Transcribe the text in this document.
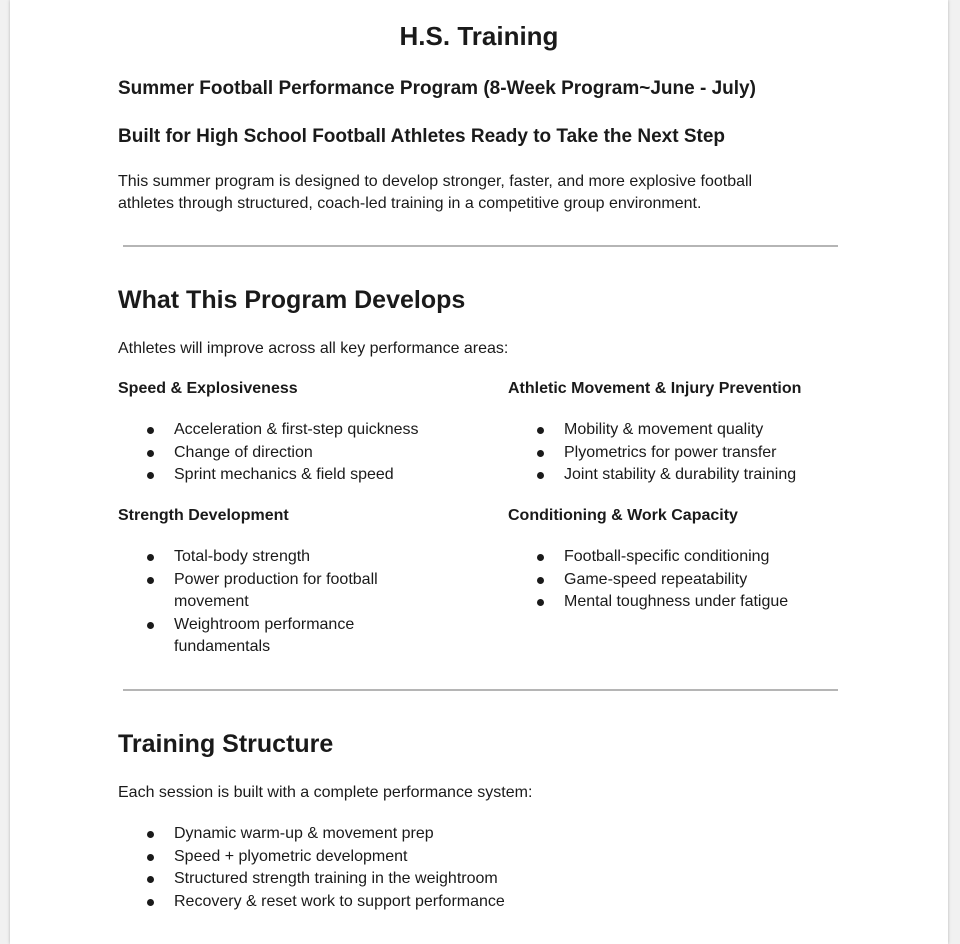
H.S. Training
Summer Football Performance Program (8-Week Program~June - July)
Built for High School Football Athletes Ready to Take the Next Step
This summer program is designed to develop stronger, faster, and more explosive football
athletes through structured, coach-led training in a competitive group environment.
What This Program Develops
Athletes will improve across all key performance areas:
Speed & Explosiveness
Acceleration & first-step quickness
Change of direction
Sprint mechanics & field speed
Strength Development
Total-body strength
Power production for football
movement
Weightroom performance
fundamentals
Athletic Movement & Injury Prevention
Mobility & movement quality
Plyometrics for power transfer
Joint stability & durability training
Conditioning & Work Capacity
Football-specific conditioning
Game-speed repeatability
Mental toughness under fatigue
Training Structure
Each session is built with a complete performance system:
Dynamic warm-up & movement prep
Speed + plyometric development
Structured strength training in the weightroom
Recovery & reset work to support performance
